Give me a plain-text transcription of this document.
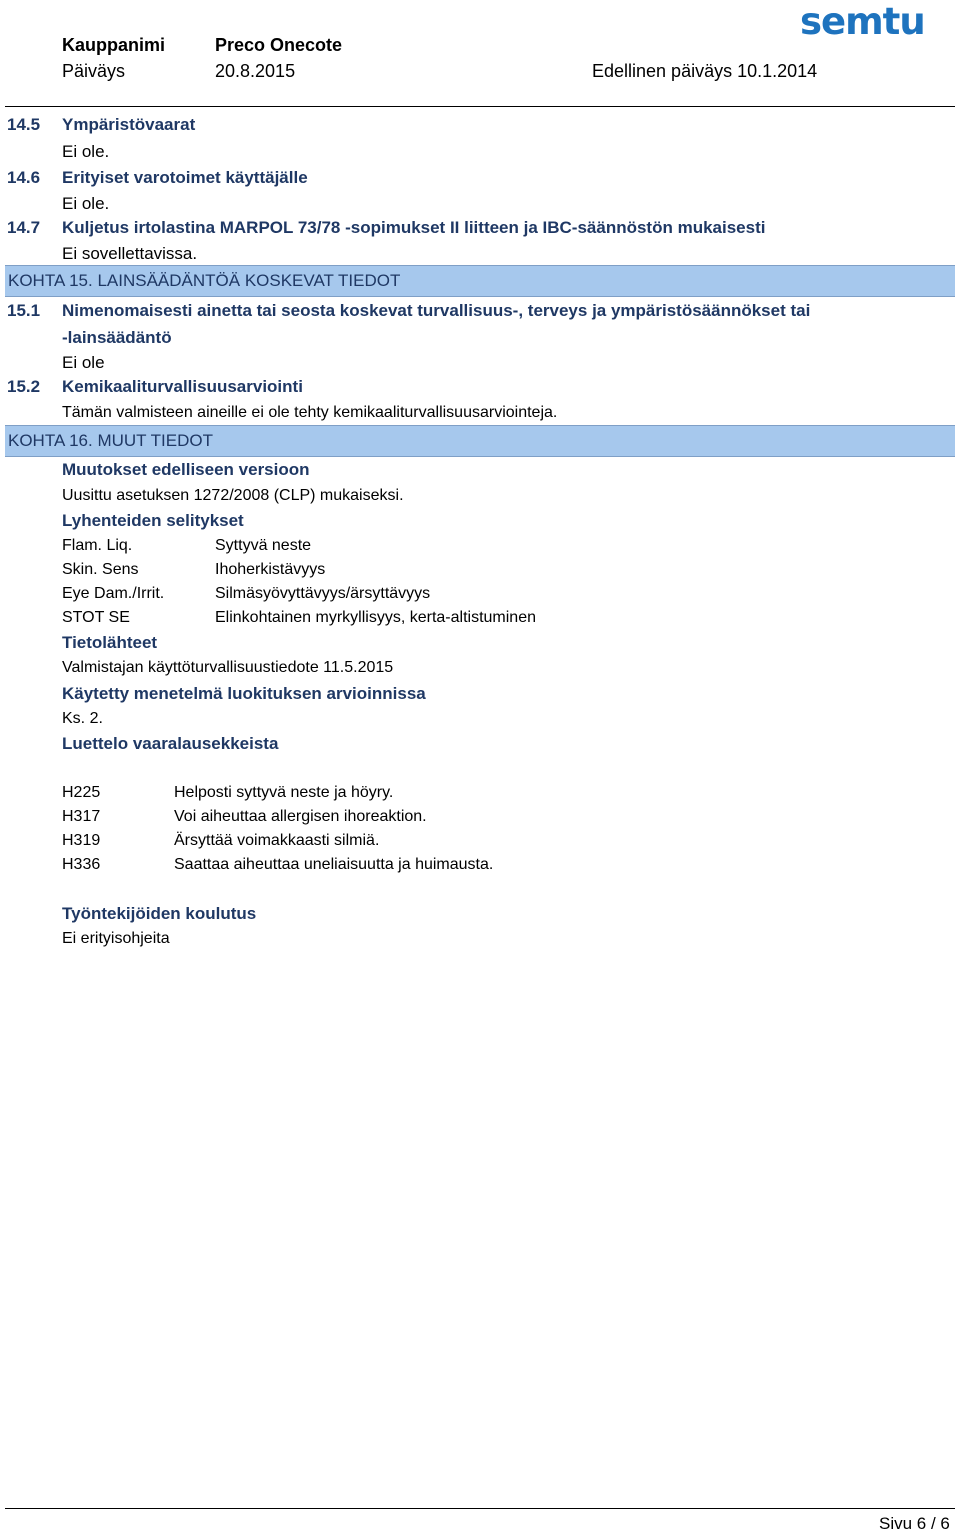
Kauppanimi	Preco Onecote
Päiväys	20.8.2015	Edellinen päiväys 10.1.2014
semtu
14.5 Ympäristövaarat
Ei ole.
14.6 Erityiset varotoimet käyttäjälle
Ei ole.
14.7 Kuljetus irtolastina MARPOL 73/78 -sopimukset II liitteen ja IBC-säännöstön mukaisesti
Ei sovellettavissa.
KOHTA 15. LAINSÄÄDÄNTÖÄ KOSKEVAT TIEDOT
15.1 Nimenomaisesti ainetta tai seosta koskevat turvallisuus-, terveys ja ympäristösäännökset tai
-lainsäädäntö
Ei ole
15.2 Kemikaaliturvallisuusarviointi
Tämän valmisteen aineille ei ole tehty kemikaaliturvallisuusarviointeja.
KOHTA 16. MUUT TIEDOT
Muutokset edelliseen versioon
Uusittu asetuksen 1272/2008 (CLP) mukaiseksi.
Lyhenteiden selitykset
Flam. Liq.	Syttyvä neste
Skin. Sens	Ihoherkistävyys
Eye Dam./Irrit.	Silmäsyövyttävyys/ärsyttävyys
STOT SE	Elinkohtainen myrkyllisyys, kerta-altistuminen
Tietolähteet
Valmistajan käyttöturvallisuustiedote 11.5.2015
Käytetty menetelmä luokituksen arvioinnissa
Ks. 2.
Luettelo vaaralausekkeista
H225	Helposti syttyvä neste ja höyry.
H317	Voi aiheuttaa allergisen ihoreaktion.
H319	Ärsyttää voimakkaasti silmiä.
H336	Saattaa aiheuttaa uneliaisuutta ja huimausta.
Työntekijöiden koulutus
Ei erityisohjeita
Sivu 6 / 6
